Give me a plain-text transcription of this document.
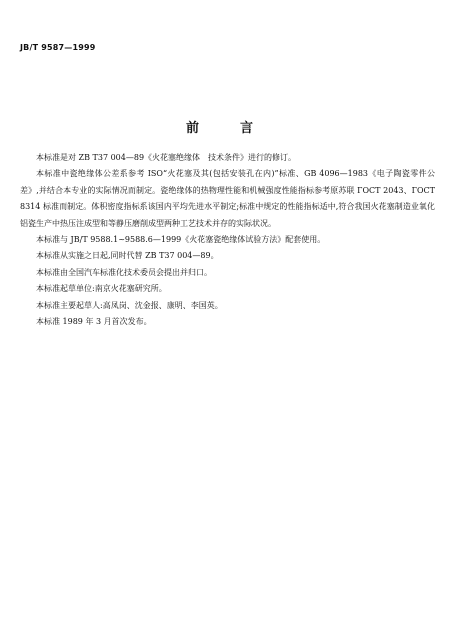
JB/T 9587—1999
前　言

本标准是对 ZB T37 004—89《火花塞绝缘体　技术条件》进行的修订。

本标准中瓷绝缘体公差系参考 ISO“火花塞及其(包括安装孔在内)”标准、GB 4096—1983《电子陶瓷零件公差》,并结合本专业的实际情况而制定。瓷绝缘体的热物理性能和机械强度性能指标参考原苏联 ГОСТ 2043、ГОСТ 8314 标准而制定。体积密度指标系该国内平均先进水平制定;标准中规定的性能指标适中,符合我国火花塞制造业氧化铝瓷生产中热压注成型和等静压磨削成型两种工艺技术并存的实际状况。

本标准与 JB/T 9588.1~9588.6—1999《火花塞瓷绝缘体试验方法》配套使用。

本标准从实施之日起,同时代替 ZB T37 004—89。

本标准由全国汽车标准化技术委员会提出并归口。

本标准起草单位:南京火花塞研究所。

本标准主要起草人:高凤岗、沈金报、康明、李国英。

本标准 1989 年 3 月首次发布。
